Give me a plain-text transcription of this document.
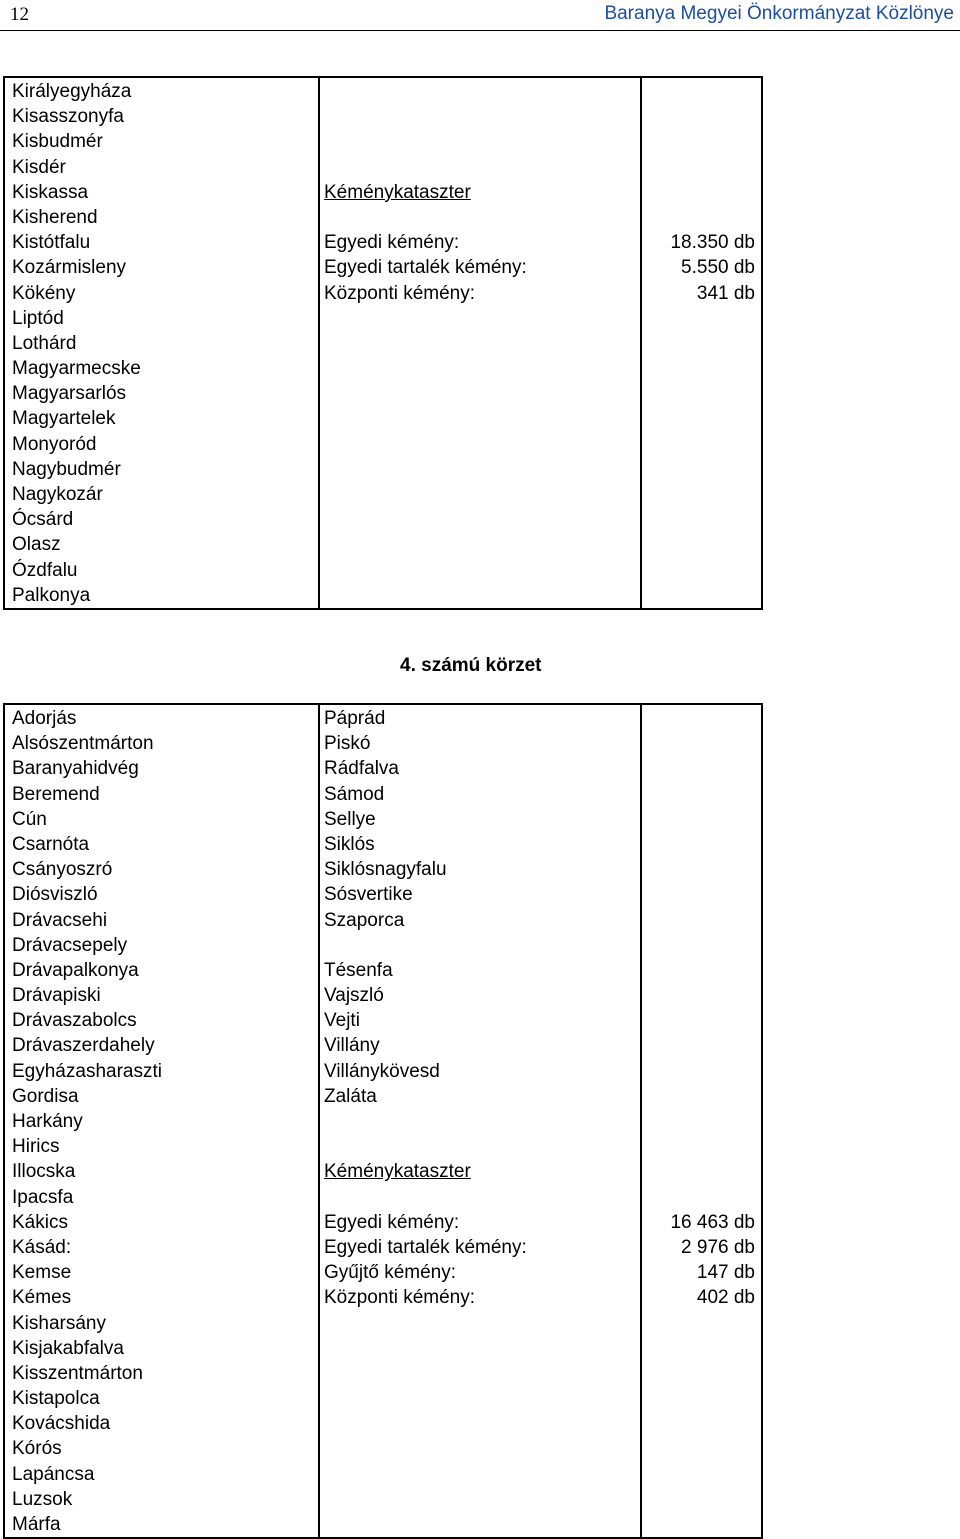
12	Baranya Megyei Önkormányzat Közlönye
Királyegyháza
Kisasszonyfa
Kisbudmér
Kisdér
Kiskassa	Kéménykataszter
Kisherend
Kistótfalu	Egyedi kémény:	18.350 db
Kozármisleny	Egyedi tartalék kémény:	5.550 db
Kökény	Központi kémény:	341 db
Liptód
Lothárd
Magyarmecske
Magyarsarlós
Magyartelek
Monyoród
Nagybudmér
Nagykozár
Ócsárd
Olasz
Ózdfalu
Palkonya
4. számú körzet
Adorjás	Páprád
Alsószentmárton	Piskó
Baranyahidvég	Rádfalva
Beremend	Sámod
Cún	Sellye
Csarnóta	Siklós
Csányoszró	Siklósnagyfalu
Diósviszló	Sósvertike
Drávacsehi	Szaporca
Drávacsepely
Drávapalkonya	Tésenfa
Drávapiski	Vajszló
Drávaszabolcs	Vejti
Drávaszerdahely	Villány
Egyházasharaszti	Villánykövesd
Gordisa	Zaláta
Harkány
Hirics
Illocska	Kéménykataszter
Ipacsfa
Kákics	Egyedi kémény:	16 463 db
Kásád:	Egyedi tartalék kémény:	2 976 db
Kemse	Gyűjtő kémény:	147 db
Kémes	Központi kémény:	402 db
Kisharsány
Kisjakabfalva
Kisszentmárton
Kistapolca
Kovácshida
Kórós
Lapáncsa
Luzsok
Márfa
